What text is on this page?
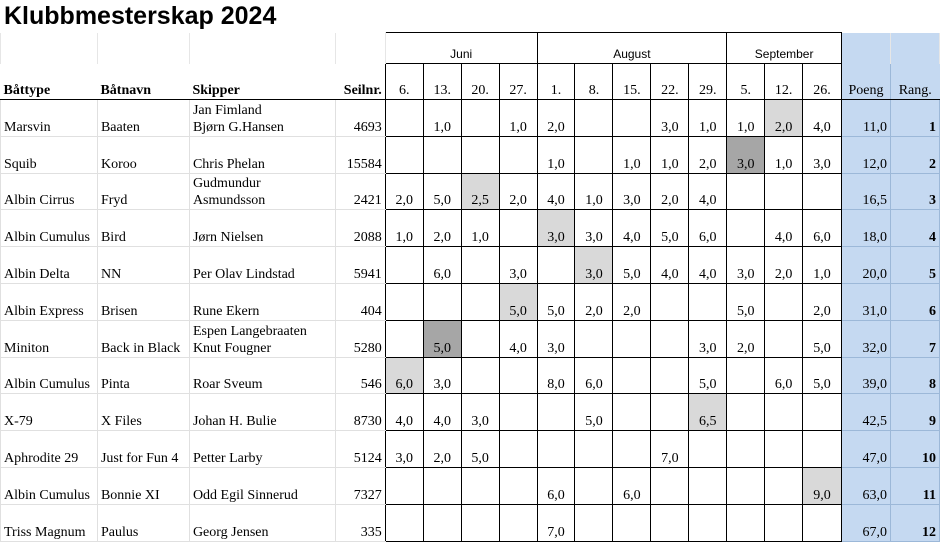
Klubbmesterskap 2024
				Juni				August					September				
Båttype	Båtnavn	Skipper	Seilnr.	6.	13.	20.	27.	1.	8.	15.	22.	29.	5.	12.	26.	Poeng	Rang.
Marsvin	Baaten	Jan Fimland
Bjørn G.Hansen	4693		1,0		1,0	2,0			3,0	1,0	1,0	2,0	4,0	11,0	1
Squib	Koroo	Chris Phelan	15584					1,0		1,0	1,0	2,0	3,0	1,0	3,0	12,0	2
Albin Cirrus	Fryd	Gudmundur
Asmundsson	2421	2,0	5,0	2,5	2,0	4,0	1,0	3,0	2,0	4,0				16,5	3
Albin Cumulus	Bird	Jørn Nielsen	2088	1,0	2,0	1,0		3,0	3,0	4,0	5,0	6,0		4,0	6,0	18,0	4
Albin Delta	NN	Per Olav Lindstad	5941		6,0		3,0		3,0	5,0	4,0	4,0	3,0	2,0	1,0	20,0	5
Albin Express	Brisen	Rune Ekern	404				5,0	5,0	2,0	2,0			5,0		2,0	31,0	6
Miniton	Back in Black	Espen Langebraaten
Knut Fougner	5280		5,0		4,0	3,0				3,0	2,0		5,0	32,0	7
Albin Cumulus	Pinta	Roar Sveum	546	6,0	3,0			8,0	6,0			5,0		6,0	5,0	39,0	8
X-79	X Files	Johan H. Bulie	8730	4,0	4,0	3,0			5,0			6,5				42,5	9
Aphrodite 29	Just for Fun 4	Petter Larby	5124	3,0	2,0	5,0					7,0					47,0	10
Albin Cumulus	Bonnie XI	Odd Egil Sinnerud	7327					6,0		6,0					9,0	63,0	11
Triss Magnum	Paulus	Georg Jensen	335					7,0								67,0	12
